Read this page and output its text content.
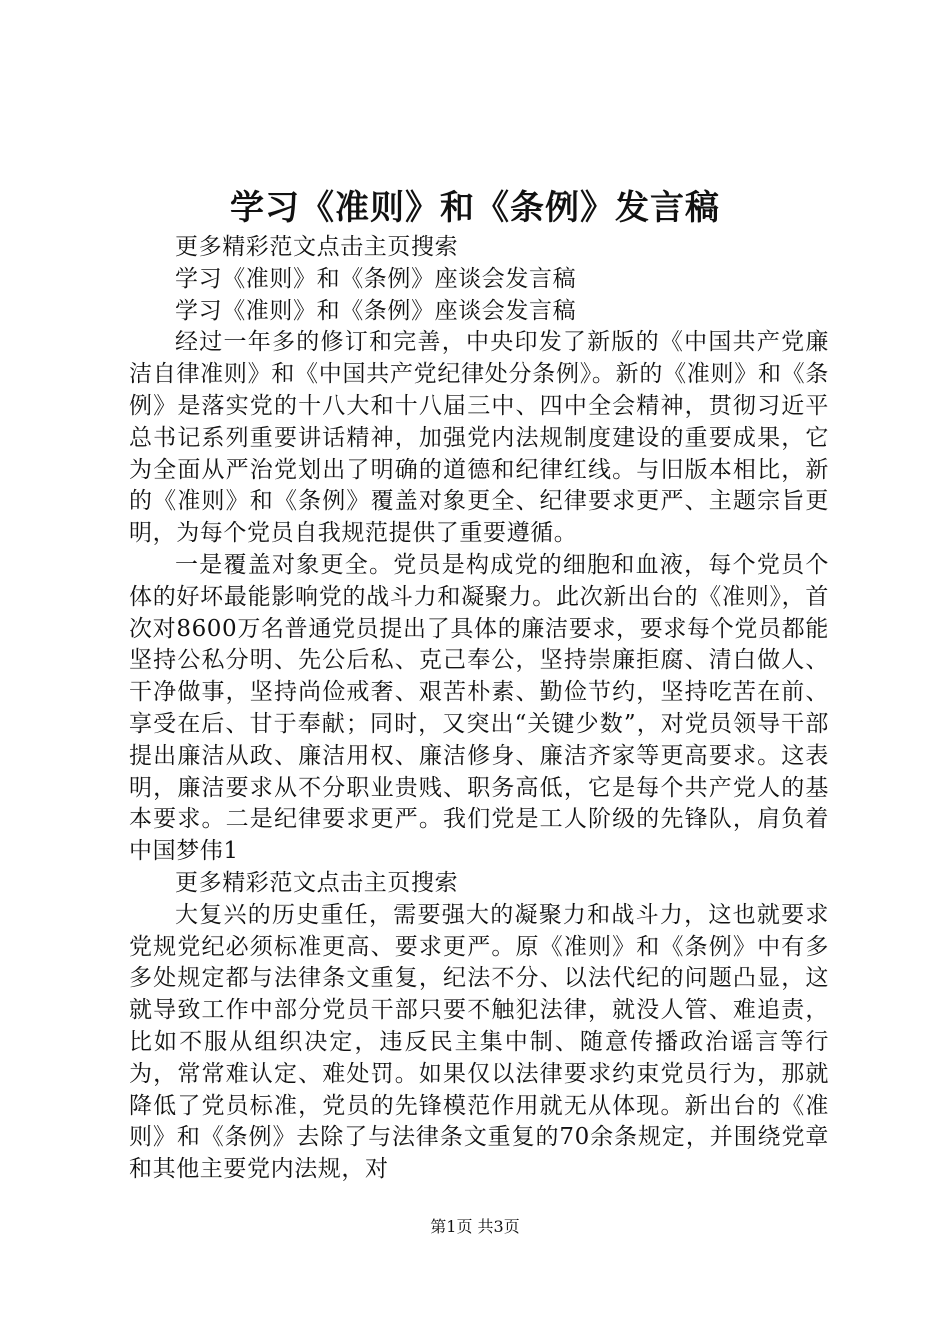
学习《准则》和《条例》发言稿

更多精彩范文点击主页搜索

学习《准则》和《条例》座谈会发言稿

学习《准则》和《条例》座谈会发言稿

经过一年多的修订和完善，中央印发了新版的《中国共产党廉洁自律准则》和《中国共产党纪律处分条例》。新的《准则》和《条例》是落实党的十八大和十八届三中、四中全会精神，贯彻习近平总书记系列重要讲话精神，加强党内法规制度建设的重要成果，它为全面从严治党划出了明确的道德和纪律红线。与旧版本相比，新的《准则》和《条例》覆盖对象更全、纪律要求更严、主题宗旨更明，为每个党员自我规范提供了重要遵循。

一是覆盖对象更全。党员是构成党的细胞和血液，每个党员个体的好坏最能影响党的战斗力和凝聚力。此次新出台的《准则》，首次对8600万名普通党员提出了具体的廉洁要求，要求每个党员都能坚持公私分明、先公后私、克己奉公，坚持崇廉拒腐、清白做人、干净做事，坚持尚俭戒奢、艰苦朴素、勤俭节约，坚持吃苦在前、享受在后、甘于奉献；同时，又突出“关键少数”，对党员领导干部提出廉洁从政、廉洁用权、廉洁修身、廉洁齐家等更高要求。这表明，廉洁要求从不分职业贵贱、职务高低，它是每个共产党人的基本要求。二是纪律要求更严。我们党是工人阶级的先锋队，肩负着中国梦伟1

更多精彩范文点击主页搜索

大复兴的历史重任，需要强大的凝聚力和战斗力，这也就要求党规党纪必须标准更高、要求更严。原《准则》和《条例》中有多多处规定都与法律条文重复，纪法不分、以法代纪的问题凸显，这就导致工作中部分党员干部只要不触犯法律，就没人管、难追责，比如不服从组织决定，违反民主集中制、随意传播政治谣言等行为，常常难认定、难处罚。如果仅以法律要求约束党员行为，那就降低了党员标准，党员的先锋模范作用就无从体现。新出台的《准则》和《条例》去除了与法律条文重复的70余条规定，并围绕党章和其他主要党内法规，对

第1页 共3页
